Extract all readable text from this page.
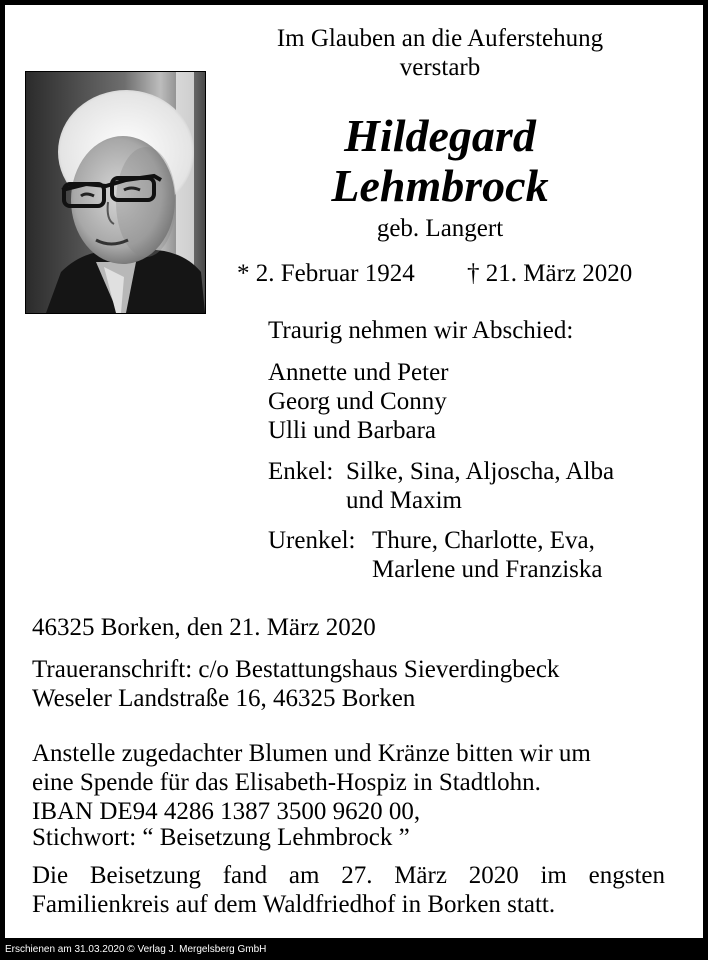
Im Glauben an die Auferstehung
verstarb
Hildegard
Lehmbrock
geb. Langert
* 2. Februar 1924 † 21. März 2020
Traurig nehmen wir Abschied:
Annette und Peter
Georg und Conny
Ulli und Barbara
Enkel: Silke, Sina, Aljoscha, Alba
und Maxim
Urenkel: Thure, Charlotte, Eva,
Marlene und Franziska
46325 Borken, den 21. März 2020
Traueranschrift: c/o Bestattungshaus Sieverdingbeck
Weseler Landstraße 16, 46325 Borken
Anstelle zugedachter Blumen und Kränze bitten wir um
eine Spende für das Elisabeth-Hospiz in Stadtlohn.
IBAN DE94 4286 1387 3500 9620 00,
Stichwort: “ Beisetzung Lehmbrock ”
Die Beisetzung fand am 27. März 2020 im engsten
Familienkreis auf dem Waldfriedhof in Borken statt.
Erschienen am 31.03.2020 © Verlag J. Mergelsberg GmbH
